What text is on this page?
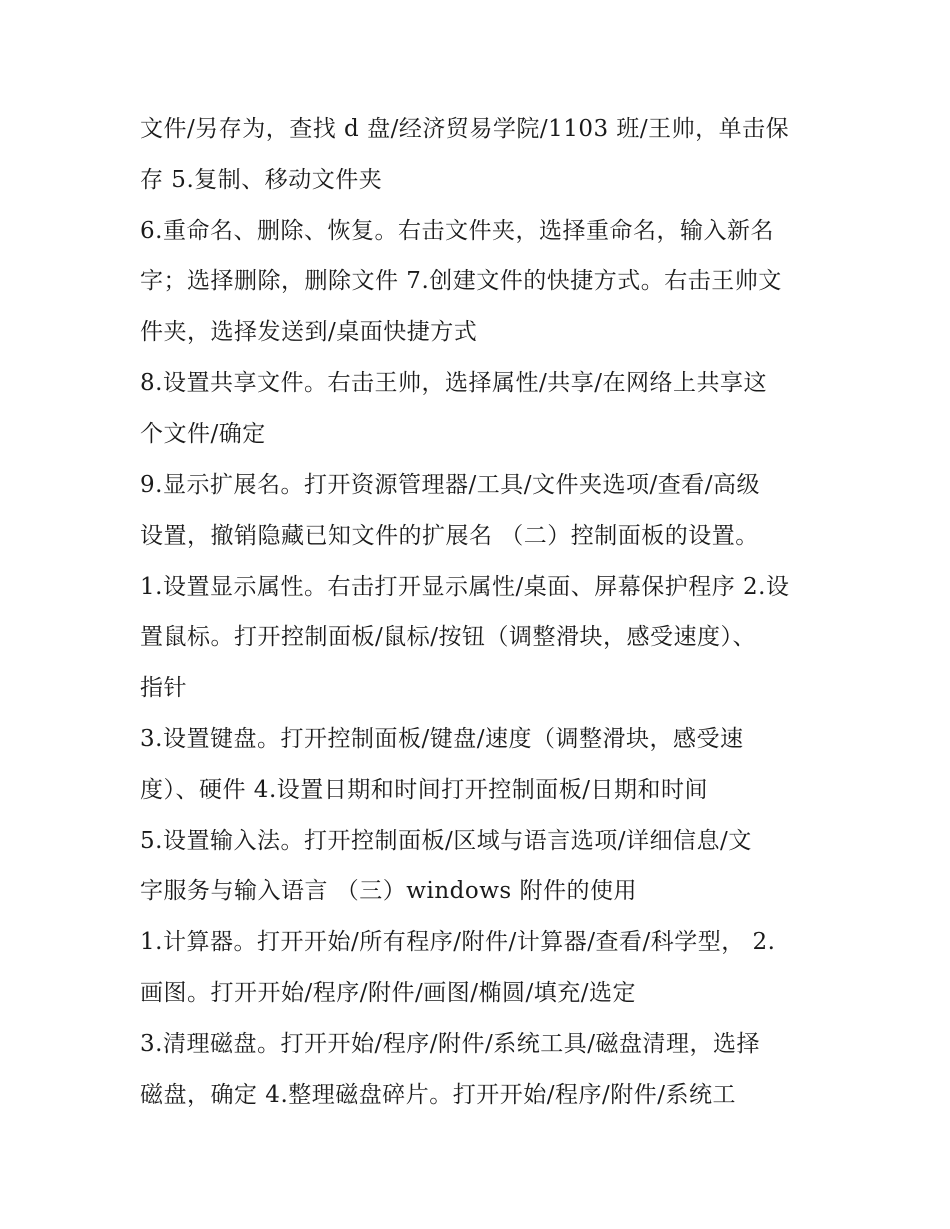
文件/另存为，查找 d 盘/经济贸易学院/1103 班/王帅，单击保
存 5.复制、移动文件夹
6.重命名、删除、恢复。右击文件夹，选择重命名，输入新名
字；选择删除，删除文件 7.创建文件的快捷方式。右击王帅文
件夹，选择发送到/桌面快捷方式
8.设置共享文件。右击王帅，选择属性/共享/在网络上共享这
个文件/确定
9.显示扩展名。打开资源管理器/工具/文件夹选项/查看/高级
设置，撤销隐藏已知文件的扩展名 （二）控制面板的设置。
1.设置显示属性。右击打开显示属性/桌面、屏幕保护程序 2.设
置鼠标。打开控制面板/鼠标/按钮（调整滑块，感受速度）、
指针
3.设置键盘。打开控制面板/键盘/速度（调整滑块，感受速
度）、硬件 4.设置日期和时间打开控制面板/日期和时间
5.设置输入法。打开控制面板/区域与语言选项/详细信息/文
字服务与输入语言 （三）windows 附件的使用
1.计算器。打开开始/所有程序/附件/计算器/查看/科学型， 2.
画图。打开开始/程序/附件/画图/椭圆/填充/选定
3.清理磁盘。打开开始/程序/附件/系统工具/磁盘清理，选择
磁盘，确定 4.整理磁盘碎片。打开开始/程序/附件/系统工
